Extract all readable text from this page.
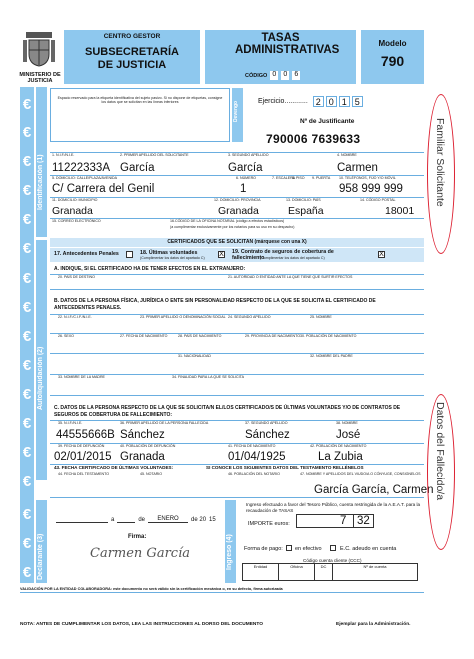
MINISTERIO DE JUSTICIA
CENTRO GESTOR
SUBSECRETARÍA DE JUSTICIA
TASAS ADMINISTRATIVAS
CÓDIGO 0 0 6
Modelo
790
€
€
€
€
€
€
€
€
€
€
€
€
€
€
€
€
€
Identificación (1)
Autoliquidación (2)
Declarante (3)
Espacio reservado para la etiqueta identificativa del sujeto pasivo. Si no dispone de etiquetas, consigne los datos que se solicitan en las líneas inferiores	Devengo	Ejercicio............ 2 0 1 5
Nº de Justificante
790006 7639633
1. N.I.F./N.I.E.	2. PRIMER APELLIDO DEL SOLICITANTE	3. SEGUNDO APELLIDO	4. NOMBRE
11222333A García	García	Carmen
5. DOMICILIO: CALLE/PLAZA/AVENIDA	6. NÚMERO	7. ESCALERA
8. PISO 9. PUERTA 10. TELÉFONOS, FIJO Y/O MÓVIL
C/ Carrera del Genil	1	958 999 999
11. DOMICILIO: MUNICIPIO	12. DOMICILIO: PROVINCIA	13. DOMICILIO: PAÍS	14. CÓDIGO POSTAL
Granada	Granada	España	18001
15. CORREO ELECTRÓNICO	16.CÓDIGO DE LA OFICINA NOTARIAL (código a efectos estadísticos)
(a cumplimentar exclusivamente por los notarios para su uso en su despacho)
CERTIFICADOS QUE SE SOLICITAN (márquese con una X)
17. Antecedentes Penales	18. Últimas voluntades
(Cumplimentar los datos del apartado C) X 19. Contrato de seguros de cobertura de fallecimiento
(Cumplimentar los datos del apartado C)	X
A. INDIQUE, SI EL CERTIFICADO HA DE TENER EFECTOS EN EL EXTRANJERO:
20. PAÍS DE DESTINO	21. AUTORIDAD O ENTIDAD ANTE LA QUE TIENE QUE SURTIR EFECTOS
B. DATOS DE LA PERSONA FÍSICA, JURÍDICA O ENTE SIN PERSONALIDAD RESPECTO DE LA QUE SE SOLICITA EL CERTIFICADO DE ANTECEDENTES PENALES.
22. N.I.F./C.I.F./N.I.E.	23. PRIMER APELLIDO O DENOMINACIÓN SOCIAL 24. SEGUNDO APELLIDO	25. NOMBRE
26. SEXO	27. FECHA DE NACIMIENTO	28. PAÍS DE NACIMIENTO	29. PROVINCIA DE NACIMIENTO 30. POBLACIÓN DE NACIMIENTO
31. NACIONALIDAD	32. NOMBRE DEL PADRE
33. NOMBRE DE LA MADRE	34. FINALIDAD PARA LA QUE SE SOLICITA
C. DATOS DE LA PERSONA RESPECTO DE LA QUE SE SOLICITA/N EL/LOS CERTIFICADO/S DE ÚLTIMAS VOLUNTADES Y/O DE CONTRATOS DE SEGUROS DE COBERTURA DE FALLECIMIENTO:
35. N.I.F./N.I.E.	36. PRIMER APELLIDO DE LA PERSONA FALLECIDA	37. SEGUNDO APELLIDO	38. NOMBRE
44555666B Sánchez	Sánchez	José
39. FECHA DE DEFUNCIÓN	40. POBLACIÓN DE DEFUNCIÓN	41. FECHA DE NACIMIENTO	42. POBLACIÓN DE NACIMIENTO
02/01/2015 Granada	01/04/1925	La Zubia
43. FECHA CERTIFICADO DE ÚLTIMAS VOLUNTADES:	SI CONOCE LOS SIGUIENTES DATOS DEL TESTAMENTO RELLÉNELOS
44. FECHA DEL TESTAMENTO	45. NOTARIO	46. POBLACIÓN DEL NOTARIO	47. NOMBRE Y APELLIDOS DEL VIUDO/A O CÓNYUGE, CONSIGNELOS
García García, Carmen
a	de	ENERO	de 20 15
Firma:
Carmen García	Ingreso (4)
Ingreso efectuado a favor del Tesoro Público, cuenta restringida de la A.E.A.T. para la recaudación de TASAS
IMPORTE euros:	7 32
Forma de pago: en efectivo	E.C. adeudo en cuenta
Código cuenta cliente (CCC)
Entidad	Oficina	DC	Nº de cuenta
VALIDACIÓN POR LA ENTIDAD COLABORADORA: este documento no será válido sin la certificación mecánica o, en su defecto, firma autorizada
NOTA: ANTES DE CUMPLIMENTAR LOS DATOS, LEA LAS INSTRUCCIONES AL DORSO DEL DOCUMENTO	Ejemplar para la Administración.
Familiar Solicitante
Datos del Fallecido/a
